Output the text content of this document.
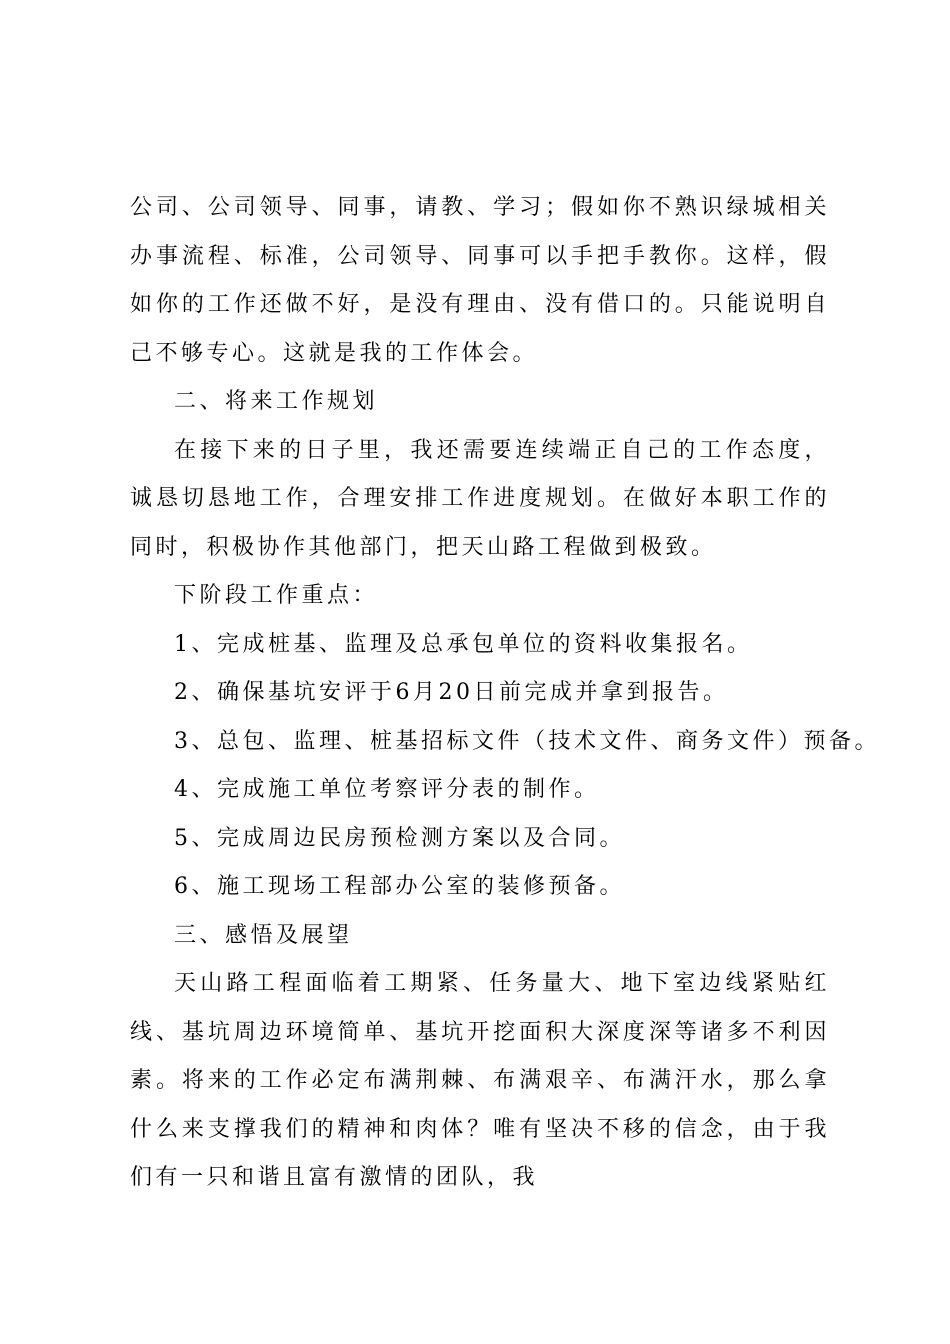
公司、公司领导、同事，请教、学习；假如你不熟识绿城相关办事流程、标准，公司领导、同事可以手把手教你。这样，假如你的工作还做不好，是没有理由、没有借口的。只能说明自己不够专心。这就是我的工作体会。

二、将来工作规划

在接下来的日子里，我还需要连续端正自己的工作态度，诚恳切恳地工作，合理安排工作进度规划。在做好本职工作的同时，积极协作其他部门，把天山路工程做到极致。

下阶段工作重点：

1、完成桩基、监理及总承包单位的资料收集报名。

2、确保基坑安评于6月20日前完成并拿到报告。

3、总包、监理、桩基招标文件（技术文件、商务文件）预备。

4、完成施工单位考察评分表的制作。

5、完成周边民房预检测方案以及合同。

6、施工现场工程部办公室的装修预备。

三、感悟及展望

天山路工程面临着工期紧、任务量大、地下室边线紧贴红线、基坑周边环境简单、基坑开挖面积大深度深等诸多不利因素。将来的工作必定布满荆棘、布满艰辛、布满汗水，那么拿什么来支撑我们的精神和肉体？唯有坚决不移的信念，由于我们有一只和谐且富有激情的团队，我
